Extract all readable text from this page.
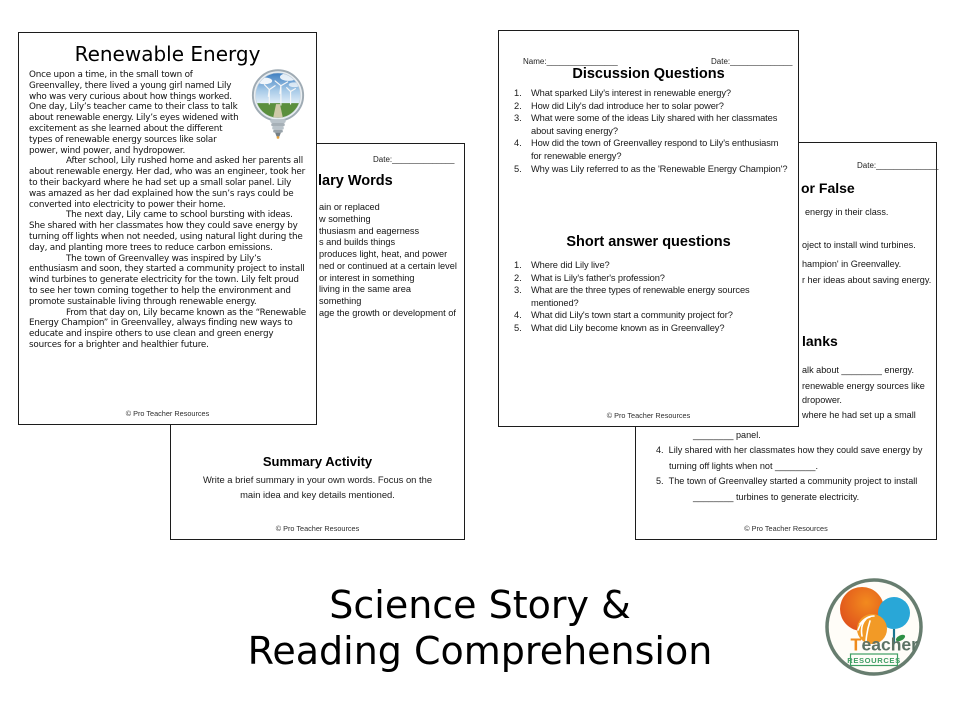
Date:______________
lary Words
ain or replaced
w something
thusiasm and eagerness
s and builds things
produces light, heat, and power
ned or continued at a certain level
or interest in something
living in the same area
something
age the growth or development of
Summary Activity
Write a brief summary in your own words. Focus on the
main idea and key details mentioned.
© Pro Teacher Resources
Renewable Energy

Once upon a time, in the small town of Greenvalley, there lived a young girl named Lily who was very curious about how things worked. One day, Lily’s teacher came to their class to talk about renewable energy. Lily’s eyes widened with excitement as she learned about the different types of renewable energy sources like solar power, wind power, and hydropower.

After school, Lily rushed home and asked her parents all about renewable energy. Her dad, who was an engineer, took her to their backyard where he had set up a small solar panel. Lily was amazed as her dad explained how the sun’s rays could be converted into electricity to power their home.

The next day, Lily came to school bursting with ideas. She shared with her classmates how they could save energy by turning off lights when not needed, using natural light during the day, and planting more trees to reduce carbon emissions.

The town of Greenvalley was inspired by Lily’s enthusiasm and soon, they started a community project to install wind turbines to generate electricity for the town. Lily felt proud to see her town coming together to help the environment and promote sustainable living through renewable energy.

From that day on, Lily became known as the “Renewable Energy Champion” in Greenvalley, always finding new ways to educate and inspire others to use clean and green energy sources for a brighter and healthier future.

© Pro Teacher Resources
Date:______________
or False
energy in their class.
oject to install wind turbines.
hampion' in Greenvalley.
r her ideas about saving energy.
lanks
alk about ________ energy.
renewable energy sources like
dropower.
where he had set up a small
________ panel.
4.  Lily shared with her classmates how they could save energy by
turning off lights when not ________.
5.  The town of Greenvalley started a community project to install
________ turbines to generate electricity.
© Pro Teacher Resources
Name:________________	Date:______________
Discussion Questions
1.	What sparked Lily's interest in renewable energy?
2.	How did Lily's dad introduce her to solar power?
3.	What were some of the ideas Lily shared with her classmates about saving energy?
4.	How did the town of Greenvalley respond to Lily's enthusiasm for renewable energy?
5.	Why was Lily referred to as the 'Renewable Energy Champion'?
Short answer questions
1.	Where did Lily live?
2.	What is Lily's father's profession?
3.	What are the three types of renewable energy sources mentioned?
4.	What did Lily's town start a community project for?
5.	What did Lily become known as in Greenvalley?
© Pro Teacher Resources
Science Story &
Reading Comprehension	T eacher
RESOURCES
